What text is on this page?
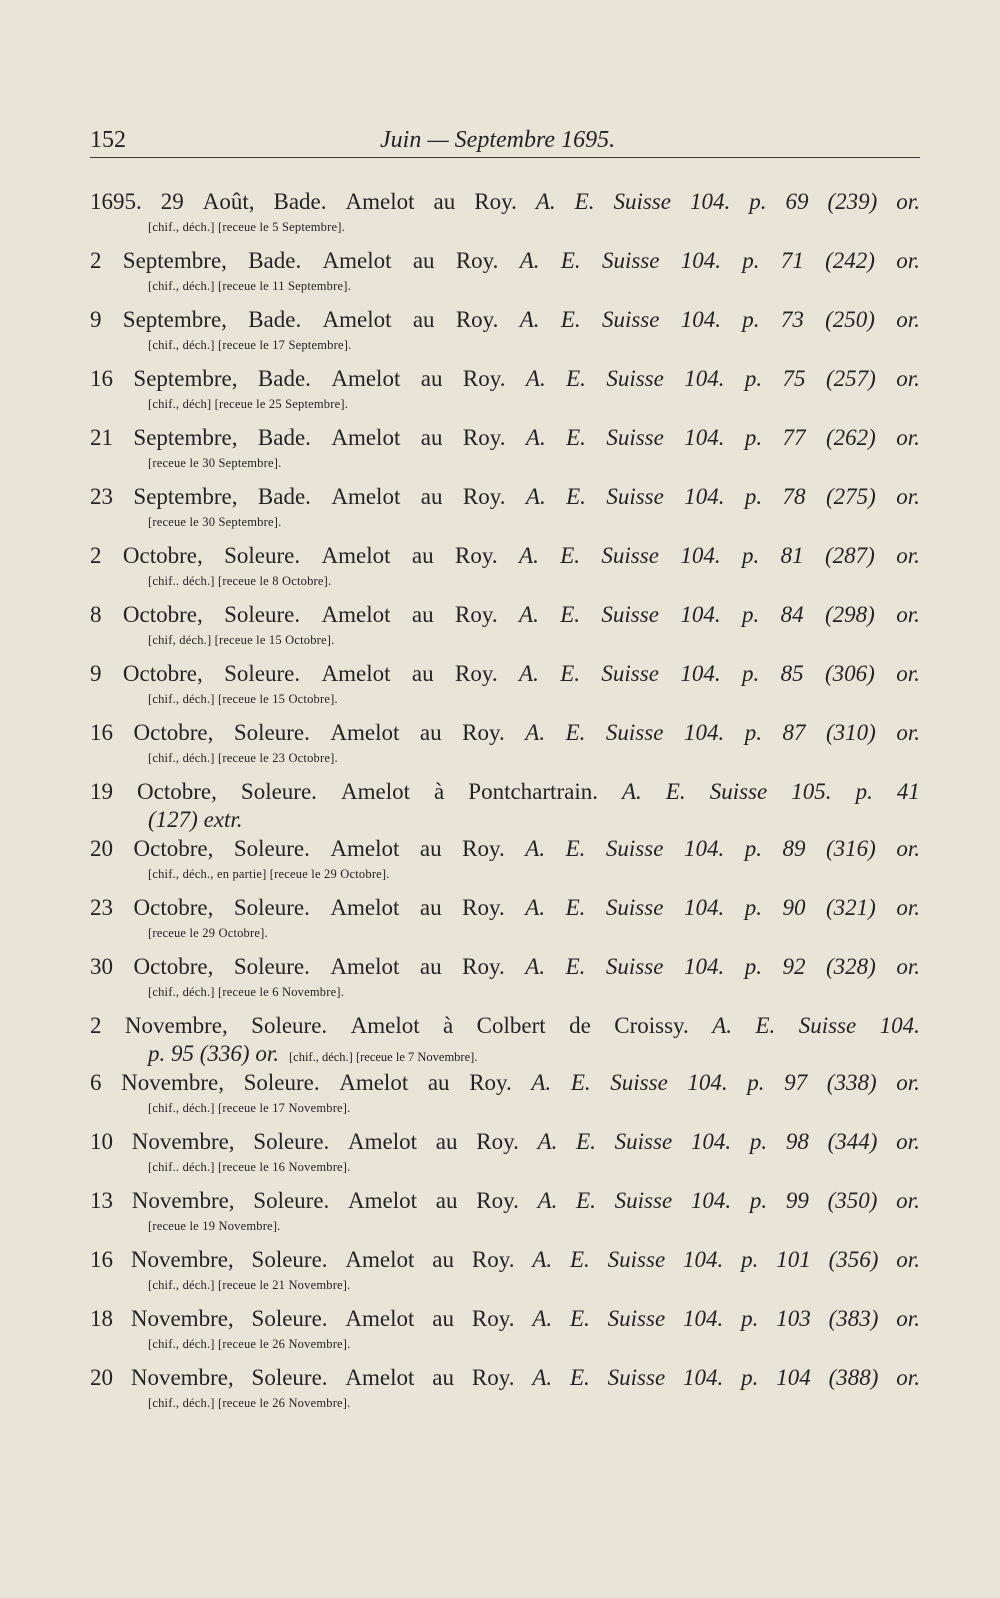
152	Juin — Septembre 1695.
1695. 29 Août, Bade. Amelot au Roy. A. E. Suisse 104. p. 69 (239) or.
[chif., déch.] [receue le 5 Septembre].
2 Septembre, Bade. Amelot au Roy. A. E. Suisse 104. p. 71 (242) or.
[chif., déch.] [receue le 11 Septembre].
9 Septembre, Bade. Amelot au Roy. A. E. Suisse 104. p. 73 (250) or.
[chif., déch.] [receue le 17 Septembre].
16 Septembre, Bade. Amelot au Roy. A. E. Suisse 104. p. 75 (257) or.
[chif., déch] [receue le 25 Septembre].
21 Septembre, Bade. Amelot au Roy. A. E. Suisse 104. p. 77 (262) or.
[receue le 30 Septembre].
23 Septembre, Bade. Amelot au Roy. A. E. Suisse 104. p. 78 (275) or.
[receue le 30 Septembre].
2 Octobre, Soleure. Amelot au Roy. A. E. Suisse 104. p. 81 (287) or.
[chif.. déch.] [receue le 8 Octobre].
8 Octobre, Soleure. Amelot au Roy. A. E. Suisse 104. p. 84 (298) or.
[chif, déch.] [receue le 15 Octobre].
9 Octobre, Soleure. Amelot au Roy. A. E. Suisse 104. p. 85 (306) or.
[chif., déch.] [receue le 15 Octobre].
16 Octobre, Soleure. Amelot au Roy. A. E. Suisse 104. p. 87 (310) or.
[chif., déch.] [receue le 23 Octobre].
19 Octobre, Soleure. Amelot à Pontchartrain. A. E. Suisse 105. p. 41
(127) extr.
20 Octobre, Soleure. Amelot au Roy. A. E. Suisse 104. p. 89 (316) or.
[chif., déch., en partie] [receue le 29 Octobre].
23 Octobre, Soleure. Amelot au Roy. A. E. Suisse 104. p. 90 (321) or.
[receue le 29 Octobre].
30 Octobre, Soleure. Amelot au Roy. A. E. Suisse 104. p. 92 (328) or.
[chif., déch.] [receue le 6 Novembre].
2 Novembre, Soleure. Amelot à Colbert de Croissy. A. E. Suisse 104.
p. 95 (336) or. [chif., déch.] [receue le 7 Novembre].
6 Novembre, Soleure. Amelot au Roy. A. E. Suisse 104. p. 97 (338) or.
[chif., déch.] [receue le 17 Novembre].
10 Novembre, Soleure. Amelot au Roy. A. E. Suisse 104. p. 98 (344) or.
[chif.. déch.] [receue le 16 Novembre].
13 Novembre, Soleure. Amelot au Roy. A. E. Suisse 104. p. 99 (350) or.
[receue le 19 Novembre].
16 Novembre, Soleure. Amelot au Roy. A. E. Suisse 104. p. 101 (356) or.
[chif., déch.] [receue le 21 Novembre].
18 Novembre, Soleure. Amelot au Roy. A. E. Suisse 104. p. 103 (383) or.
[chif., déch.] [receue le 26 Novembre].
20 Novembre, Soleure. Amelot au Roy. A. E. Suisse 104. p. 104 (388) or.
[chif., déch.] [receue le 26 Novembre].
